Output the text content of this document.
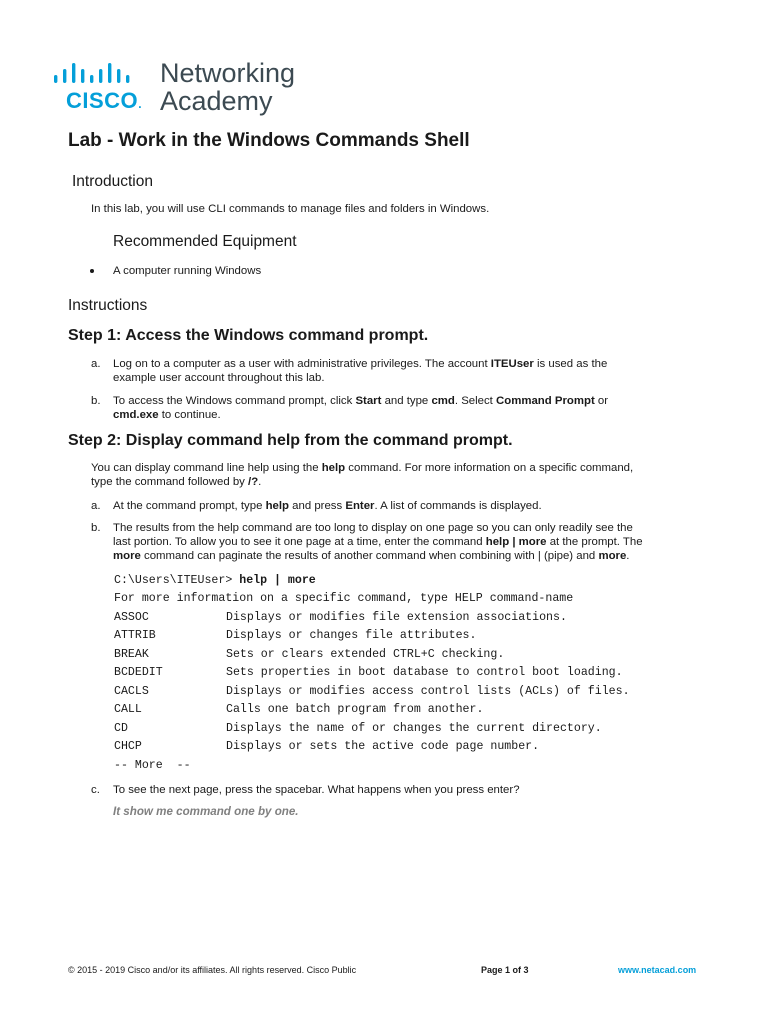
CISCO.
Networking
Academy
Lab - Work in the Windows Commands Shell
Introduction

In this lab, you will use CLI commands to manage files and folders in Windows.

Recommended Equipment

A computer running Windows

Instructions
Step 1: Access the Windows command prompt.
a. Log on to a computer as a user with administrative privileges. The account ITEUser is used as the
example user account throughout this lab.

b. To access the Windows command prompt, click Start and type cmd. Select Command Prompt or
cmd.exe to continue.

Step 2: Display command help from the command prompt.

You can display command line help using the help command. For more information on a specific command,
type the command followed by /?.

a. At the command prompt, type help and press Enter. A list of commands is displayed.

b. The results from the help command are too long to display on one page so you can only readily see the
last portion. To allow you to see it one page at a time, enter the command help | more at the prompt. The
more command can paginate the results of another command when combining with | (pipe) and more.

C:\Users\ITEUser> help | more
For more information on a specific command, type HELP command-name
ASSOC	Displays or modifies file extension associations.
ATTRIB	Displays or changes file attributes.
BREAK	Sets or clears extended CTRL+C checking.
BCDEDIT	Sets properties in boot database to control boot loading.
CACLS	Displays or modifies access control lists (ACLs) of files.
CALL	Calls one batch program from another.
CD	Displays the name of or changes the current directory.
CHCP	Displays or sets the active code page number.
-- More  --
c. To see the next page, press the spacebar. What happens when you press enter?

It show me command one by one.

© 2015 - 2019 Cisco and/or its affiliates. All rights reserved. Cisco Public	Page 1 of 3	www.netacad.com
